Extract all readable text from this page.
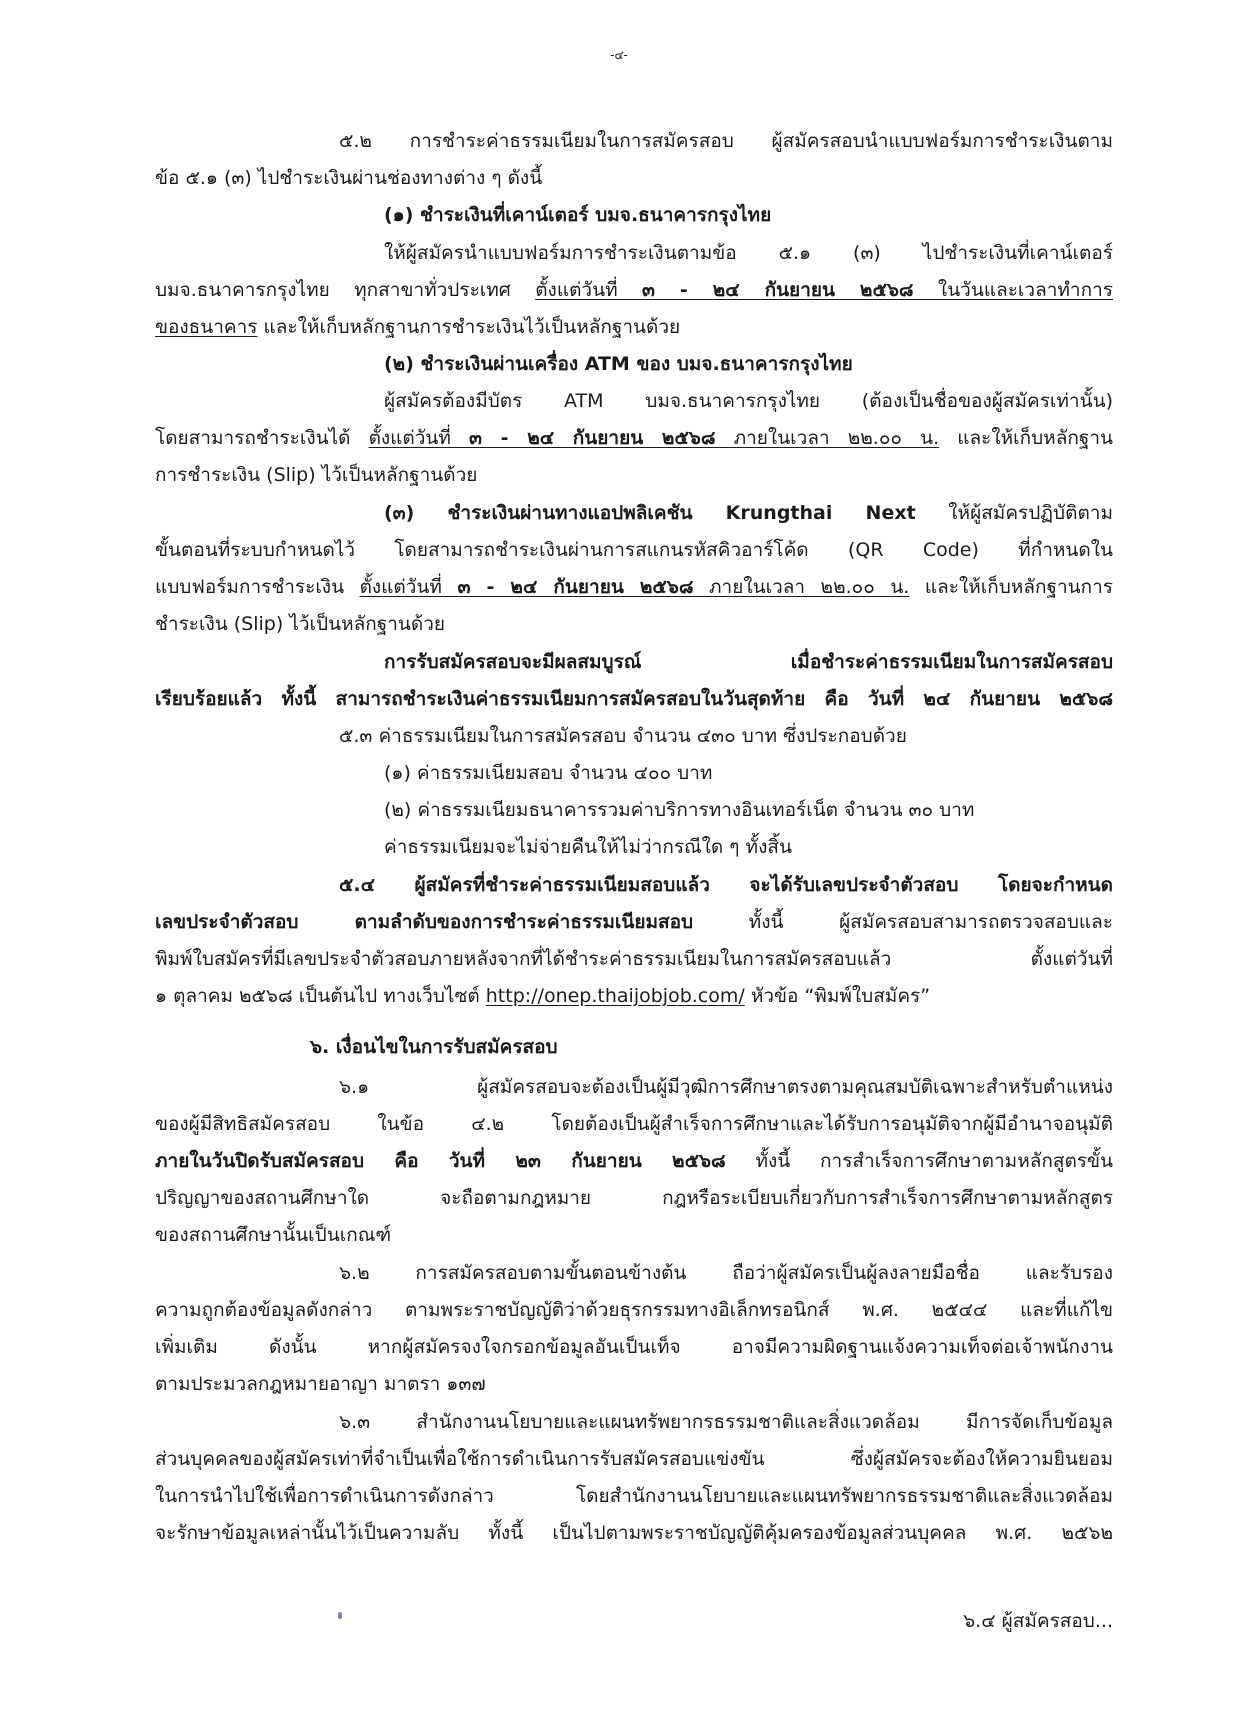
-๔-
๕.๒ การชำระค่าธรรมเนียมในการสมัครสอบ ผู้สมัครสอบนำแบบฟอร์มการชำระเงินตาม
ข้อ ๕.๑ (๓) ไปชำระเงินผ่านช่องทางต่าง ๆ ดังนี้
(๑) ชำระเงินที่เคาน์เตอร์ บมจ.ธนาคารกรุงไทย
ให้ผู้สมัครนำแบบฟอร์มการชำระเงินตามข้อ ๕.๑ (๓) ไปชำระเงินที่เคาน์เตอร์
บมจ.ธนาคารกรุงไทย ทุกสาขาทั่วประเทศ ตั้งแต่วันที่ ๓ - ๒๔ กันยายน ๒๕๖๘ ในวันและเวลาทำการ
ของธนาคาร และให้เก็บหลักฐานการชำระเงินไว้เป็นหลักฐานด้วย
(๒) ชำระเงินผ่านเครื่อง ATM ของ บมจ.ธนาคารกรุงไทย
ผู้สมัครต้องมีบัตร ATM บมจ.ธนาคารกรุงไทย (ต้องเป็นชื่อของผู้สมัครเท่านั้น)
โดยสามารถชำระเงินได้ ตั้งแต่วันที่ ๓ - ๒๔ กันยายน ๒๕๖๘ ภายในเวลา ๒๒.๐๐ น. และให้เก็บหลักฐาน
การชำระเงิน (Slip) ไว้เป็นหลักฐานด้วย
(๓) ชำระเงินผ่านทางแอปพลิเคชัน Krungthai Next ให้ผู้สมัครปฏิบัติตาม
ขั้นตอนที่ระบบกำหนดไว้ โดยสามารถชำระเงินผ่านการสแกนรหัสคิวอาร์โค้ด (QR Code) ที่กำหนดใน
แบบฟอร์มการชำระเงิน ตั้งแต่วันที่ ๓ - ๒๔ กันยายน ๒๕๖๘ ภายในเวลา ๒๒.๐๐ น. และให้เก็บหลักฐานการ
ชำระเงิน (Slip) ไว้เป็นหลักฐานด้วย
การรับสมัครสอบจะมีผลสมบูรณ์ เมื่อชำระค่าธรรมเนียมในการสมัครสอบ
เรียบร้อยแล้ว ทั้งนี้ สามารถชำระเงินค่าธรรมเนียมการสมัครสอบในวันสุดท้าย คือ วันที่ ๒๔ กันยายน ๒๕๖๘
๕.๓ ค่าธรรมเนียมในการสมัครสอบ จำนวน ๔๓๐ บาท ซึ่งประกอบด้วย
(๑) ค่าธรรมเนียมสอบ จำนวน ๔๐๐ บาท
(๒) ค่าธรรมเนียมธนาคารรวมค่าบริการทางอินเทอร์เน็ต จำนวน ๓๐ บาท
ค่าธรรมเนียมจะไม่จ่ายคืนให้ไม่ว่ากรณีใด ๆ ทั้งสิ้น
๕.๔ ผู้สมัครที่ชำระค่าธรรมเนียมสอบแล้ว จะได้รับเลขประจำตัวสอบ โดยจะกำหนด
เลขประจำตัวสอบ ตามลำดับของการชำระค่าธรรมเนียมสอบ ทั้งนี้ ผู้สมัครสอบสามารถตรวจสอบและ
พิมพ์ใบสมัครที่มีเลขประจำตัวสอบภายหลังจากที่ได้ชำระค่าธรรมเนียมในการสมัครสอบแล้ว ตั้งแต่วันที่
๑ ตุลาคม ๒๕๖๘ เป็นต้นไป ทางเว็บไซต์ http://onep.thaijobjob.com/ หัวข้อ “พิมพ์ใบสมัคร”
๖. เงื่อนไขในการรับสมัครสอบ
๖.๑ ผู้สมัครสอบจะต้องเป็นผู้มีวุฒิการศึกษาตรงตามคุณสมบัติเฉพาะสำหรับตำแหน่ง
ของผู้มีสิทธิสมัครสอบ ในข้อ ๔.๒ โดยต้องเป็นผู้สำเร็จการศึกษาและได้รับการอนุมัติจากผู้มีอำนาจอนุมัติ
ภายในวันปิดรับสมัครสอบ คือ วันที่ ๒๓ กันยายน ๒๕๖๘ ทั้งนี้ การสำเร็จการศึกษาตามหลักสูตรขั้น
ปริญญาของสถานศึกษาใด จะถือตามกฎหมาย กฎหรือระเบียบเกี่ยวกับการสำเร็จการศึกษาตามหลักสูตร
ของสถานศึกษานั้นเป็นเกณฑ์
๖.๒ การสมัครสอบตามขั้นตอนข้างต้น ถือว่าผู้สมัครเป็นผู้ลงลายมือชื่อ และรับรอง
ความถูกต้องข้อมูลดังกล่าว ตามพระราชบัญญัติว่าด้วยธุรกรรมทางอิเล็กทรอนิกส์ พ.ศ. ๒๕๔๔ และที่แก้ไข
เพิ่มเติม ดังนั้น หากผู้สมัครจงใจกรอกข้อมูลอันเป็นเท็จ อาจมีความผิดฐานแจ้งความเท็จต่อเจ้าพนักงาน
ตามประมวลกฎหมายอาญา มาตรา ๑๓๗
๖.๓ สำนักงานนโยบายและแผนทรัพยากรธรรมชาติและสิ่งแวดล้อม มีการจัดเก็บข้อมูล
ส่วนบุคคลของผู้สมัครเท่าที่จำเป็นเพื่อใช้การดำเนินการรับสมัครสอบแข่งขัน ซึ่งผู้สมัครจะต้องให้ความยินยอม
ในการนำไปใช้เพื่อการดำเนินการดังกล่าว โดยสำนักงานนโยบายและแผนทรัพยากรธรรมชาติและสิ่งแวดล้อม
จะรักษาข้อมูลเหล่านั้นไว้เป็นความลับ ทั้งนี้ เป็นไปตามพระราชบัญญัติคุ้มครองข้อมูลส่วนบุคคล พ.ศ. ๒๕๖๒
๖.๔ ผู้สมัครสอบ...
